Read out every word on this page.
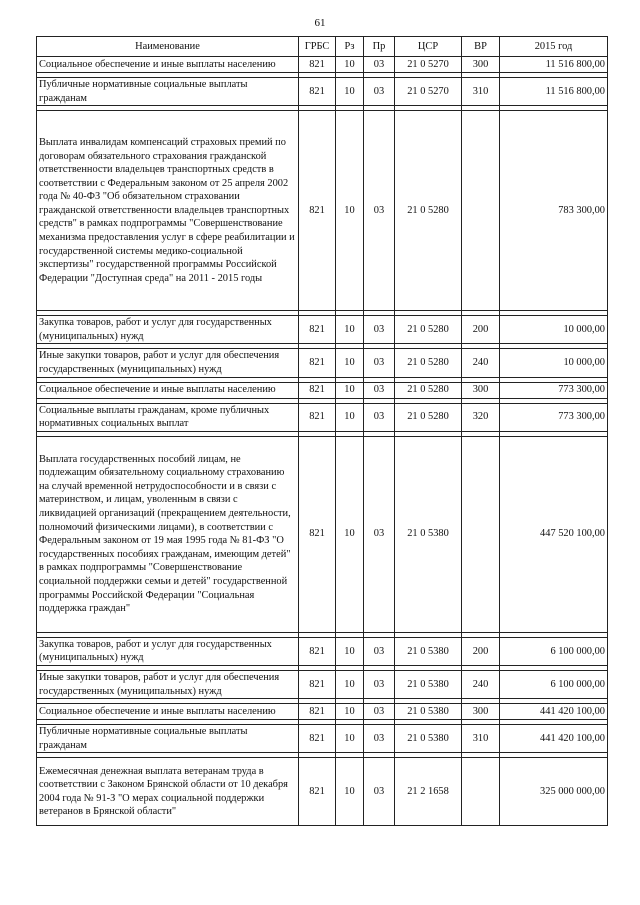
61
Наименование	ГРБС	Рз	Пр	ЦСР	ВР	2015 год
Социальное обеспечение и иные выплаты населению	821	10	03	21 0 5270	300	11 516 800,00

Публичные нормативные социальные выплаты гражданам	821	10	03	21 0 5270	310	11 516 800,00

Выплата инвалидам компенсаций страховых премий по договорам обязательного страхования гражданской ответственности владельцев транспортных средств в соответствии с Федеральным законом от 25 апреля 2002 года № 40-ФЗ "Об обязательном страховании гражданской ответственности владельцев транспортных средств" в рамках подпрограммы "Совершенствование механизма предоставления услуг в сфере реабилитации и государственной системы медико-социальной экспертизы" государственной программы Российской Федерации "Доступная среда" на 2011 - 2015 годы	821	10	03	21 0 5280		783 300,00

Закупка товаров, работ и услуг для государственных (муниципальных) нужд	821	10	03	21 0 5280	200	10 000,00

Иные закупки товаров, работ и услуг для обеспечения государственных (муниципальных) нужд	821	10	03	21 0 5280	240	10 000,00

Социальное обеспечение и иные выплаты населению	821	10	03	21 0 5280	300	773 300,00

Социальные выплаты гражданам, кроме публичных нормативных социальных выплат	821	10	03	21 0 5280	320	773 300,00

Выплата государственных пособий лицам, не подлежащим обязательному социальному страхованию на случай временной нетрудоспособности и в связи с материнством, и лицам, уволенным в связи с ликвидацией организаций (прекращением деятельности, полномочий физическими лицами), в соответствии с Федеральным законом от 19 мая 1995 года № 81-ФЗ "О государственных пособиях гражданам, имеющим детей" в рамках подпрограммы "Совершенствование социальной поддержки семьи и детей" государственной программы Российской Федерации "Социальная поддержка граждан"	821	10	03	21 0 5380		447 520 100,00

Закупка товаров, работ и услуг для государственных (муниципальных) нужд	821	10	03	21 0 5380	200	6 100 000,00

Иные закупки товаров, работ и услуг для обеспечения государственных (муниципальных) нужд	821	10	03	21 0 5380	240	6 100 000,00

Социальное обеспечение и иные выплаты населению	821	10	03	21 0 5380	300	441 420 100,00

Публичные нормативные социальные выплаты гражданам	821	10	03	21 0 5380	310	441 420 100,00

Ежемесячная денежная выплата ветеранам труда в соответствии с Законом Брянской области от 10 декабря 2004 года № 91-З "О мерах социальной поддержки ветеранов в Брянской области"	821	10	03	21 2 1658		325 000 000,00
